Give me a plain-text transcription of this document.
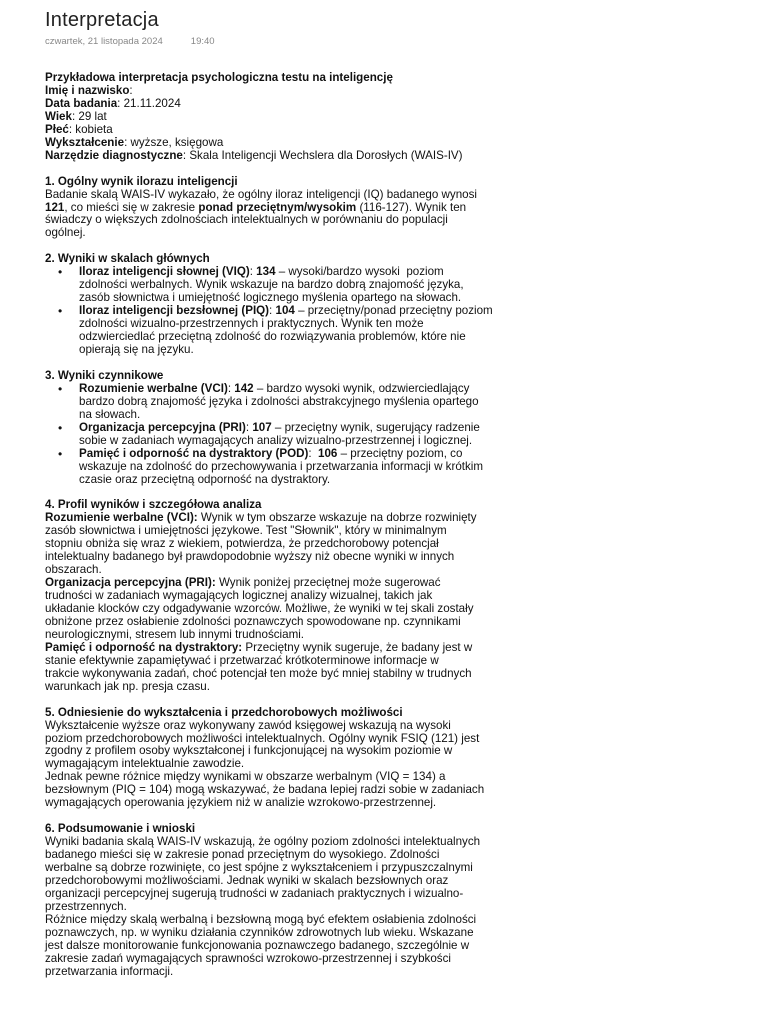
Interpretacja
czwartek, 21 listopada 2024	19:40

Przykładowa interpretacja psychologiczna testu na inteligencję

Imię i nazwisko:

Data badania: 21.11.2024

Wiek: 29 lat

Płeć: kobieta

Wykształcenie: wyższe, księgowa

Narzędzie diagnostyczne: Skala Inteligencji Wechslera dla Dorosłych (WAIS-IV)

1. Ogólny wynik ilorazu inteligencji

Badanie skalą WAIS-IV wykazało, że ogólny iloraz inteligencji (IQ) badanego wynosi

121, co mieści się w zakresie ponad przeciętnym/wysokim (116-127). Wynik ten

świadczy o większych zdolnościach intelektualnych w porównaniu do populacji

ogólnej.

2. Wyniki w skalach głównych

• Iloraz inteligencji słownej (VIQ): 134 – wysoki/bardzo wysoki  poziom

zdolności werbalnych. Wynik wskazuje na bardzo dobrą znajomość języka,

zasób słownictwa i umiejętność logicznego myślenia opartego na słowach.

• Iloraz inteligencji bezsłownej (PIQ): 104 – przeciętny/ponad przeciętny poziom

zdolności wizualno-przestrzennych i praktycznych. Wynik ten może

odzwierciedlać przeciętną zdolność do rozwiązywania problemów, które nie

opierają się na języku.

3. Wyniki czynnikowe

• Rozumienie werbalne (VCI): 142 – bardzo wysoki wynik, odzwierciedlający

bardzo dobrą znajomość języka i zdolności abstrakcyjnego myślenia opartego

na słowach.

• Organizacja percepcyjna (PRI): 107 – przeciętny wynik, sugerujący radzenie

sobie w zadaniach wymagających analizy wizualno-przestrzennej i logicznej.

• Pamięć i odporność na dystraktory (POD):  106 – przeciętny poziom, co

wskazuje na zdolność do przechowywania i przetwarzania informacji w krótkim

czasie oraz przeciętną odporność na dystraktory.

4. Profil wyników i szczegółowa analiza

Rozumienie werbalne (VCI): Wynik w tym obszarze wskazuje na dobrze rozwinięty

zasób słownictwa i umiejętności językowe. Test "Słownik", który w minimalnym

stopniu obniża się wraz z wiekiem, potwierdza, że przedchorobowy potencjał

intelektualny badanego był prawdopodobnie wyższy niż obecne wyniki w innych

obszarach.

Organizacja percepcyjna (PRI): Wynik poniżej przeciętnej może sugerować

trudności w zadaniach wymagających logicznej analizy wizualnej, takich jak

układanie klocków czy odgadywanie wzorców. Możliwe, że wyniki w tej skali zostały

obniżone przez osłabienie zdolności poznawczych spowodowane np. czynnikami

neurologicznymi, stresem lub innymi trudnościami.

Pamięć i odporność na dystraktory: Przeciętny wynik sugeruje, że badany jest w

stanie efektywnie zapamiętywać i przetwarzać krótkoterminowe informacje w

trakcie wykonywania zadań, choć potencjał ten może być mniej stabilny w trudnych

warunkach jak np. presja czasu.

5. Odniesienie do wykształcenia i przedchorobowych możliwości

Wykształcenie wyższe oraz wykonywany zawód księgowej wskazują na wysoki

poziom przedchorobowych możliwości intelektualnych. Ogólny wynik FSIQ (121) jest

zgodny z profilem osoby wykształconej i funkcjonującej na wysokim poziomie w

wymagającym intelektualnie zawodzie.

Jednak pewne różnice między wynikami w obszarze werbalnym (VIQ = 134) a

bezsłownym (PIQ = 104) mogą wskazywać, że badana lepiej radzi sobie w zadaniach

wymagających operowania językiem niż w analizie wzrokowo-przestrzennej.

6. Podsumowanie i wnioski

Wyniki badania skalą WAIS-IV wskazują, że ogólny poziom zdolności intelektualnych

badanego mieści się w zakresie ponad przeciętnym do wysokiego. Zdolności

werbalne są dobrze rozwinięte, co jest spójne z wykształceniem i przypuszczalnymi

przedchorobowymi możliwościami. Jednak wyniki w skalach bezsłownych oraz

organizacji percepcyjnej sugerują trudności w zadaniach praktycznych i wizualno-

przestrzennych.

Różnice między skalą werbalną i bezsłowną mogą być efektem osłabienia zdolności

poznawczych, np. w wyniku działania czynników zdrowotnych lub wieku. Wskazane

jest dalsze monitorowanie funkcjonowania poznawczego badanego, szczególnie w

zakresie zadań wymagających sprawności wzrokowo-przestrzennej i szybkości

przetwarzania informacji.
